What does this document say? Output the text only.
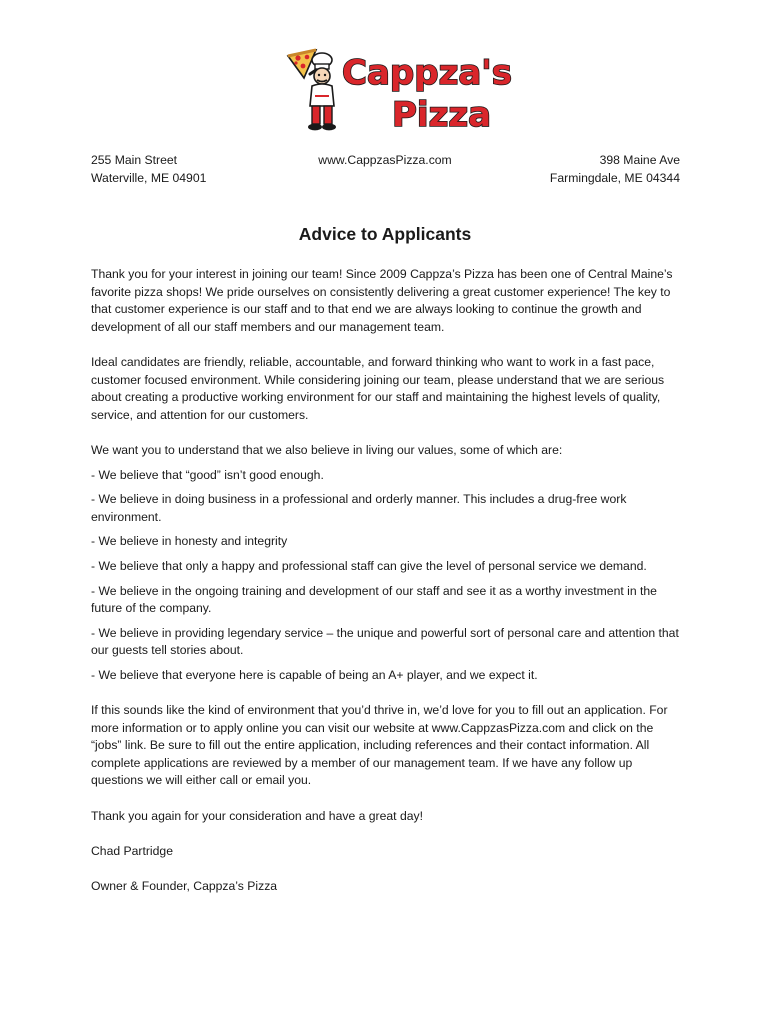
Cappza's
Pizza
255 Main Street
Waterville, ME 04901
www.CappzasPizza.com	398 Maine Ave
Farmingdale, ME 04344
Advice to Applicants

Thank you for your interest in joining our team! Since 2009 Cappza’s Pizza has been one of Central Maine’s favorite pizza shops! We pride ourselves on consistently delivering a great customer experience! The key to that customer experience is our staff and to that end we are always looking to continue the growth and development of all our staff members and our management team.

Ideal candidates are friendly, reliable, accountable, and forward thinking who want to work in a fast pace, customer focused environment. While considering joining our team, please understand that we are serious about creating a productive working environment for our staff and maintaining the highest levels of quality, service, and attention for our customers.

We want you to understand that we also believe in living our values, some of which are:

- We believe that “good” isn’t good enough.

- We believe in doing business in a professional and orderly manner. This includes a drug-free work environment.

- We believe in honesty and integrity

- We believe that only a happy and professional staff can give the level of personal service we demand.

- We believe in the ongoing training and development of our staff and see it as a worthy investment in the future of the company.

- We believe in providing legendary service – the unique and powerful sort of personal care and attention that our guests tell stories about.

- We believe that everyone here is capable of being an A+ player, and we expect it.

If this sounds like the kind of environment that you’d thrive in, we’d love for you to fill out an application. For more information or to apply online you can visit our website at www.CappzasPizza.com and click on the “jobs” link. Be sure to fill out the entire application, including references and their contact information. All complete applications are reviewed by a member of our management team. If we have any follow up questions we will either call or email you.

Thank you again for your consideration and have a great day!

Chad Partridge

Owner & Founder, Cappza’s Pizza
